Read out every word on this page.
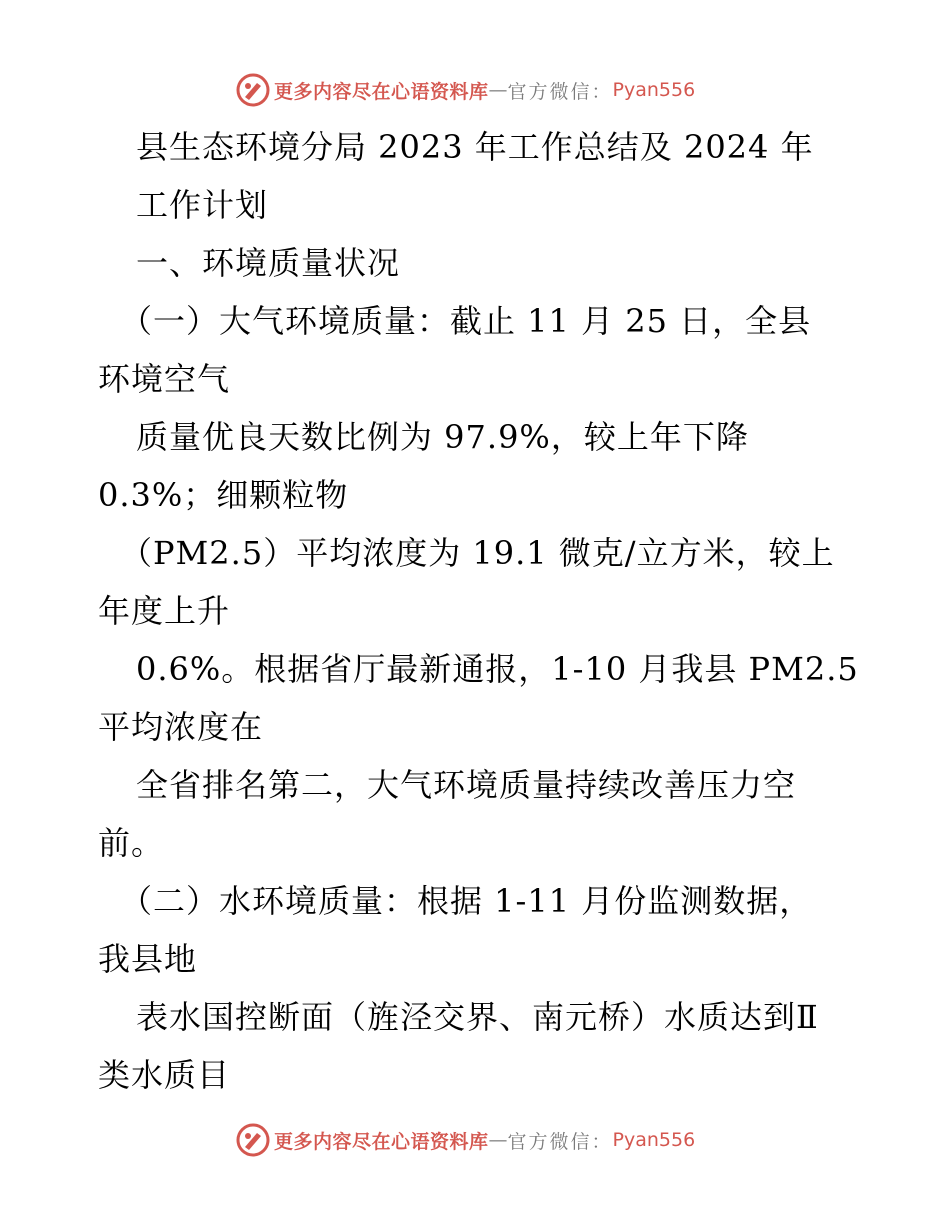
更多内容尽在心语资料库 — 官方微信： Pyan556
县生态环境分局 2023 年工作总结及 2024 年
工作计划
一、环境质量状况
（一）大气环境质量：截止 11 月 25 日，全县
环境空气
质量优良天数比例为 97.9%，较上年下降
0.3%；细颗粒物
（PM2.5）平均浓度为 19.1 微克/立方米，较上
年度上升
0.6%。根据省厅最新通报，1-10 月我县 PM2.5
平均浓度在
全省排名第二，大气环境质量持续改善压力空
前。
（二）水环境质量：根据 1-11 月份监测数据，
我县地
表水国控断面（旌泾交界、南元桥）水质达到Ⅱ
类水质目
更多内容尽在心语资料库 — 官方微信： Pyan556
